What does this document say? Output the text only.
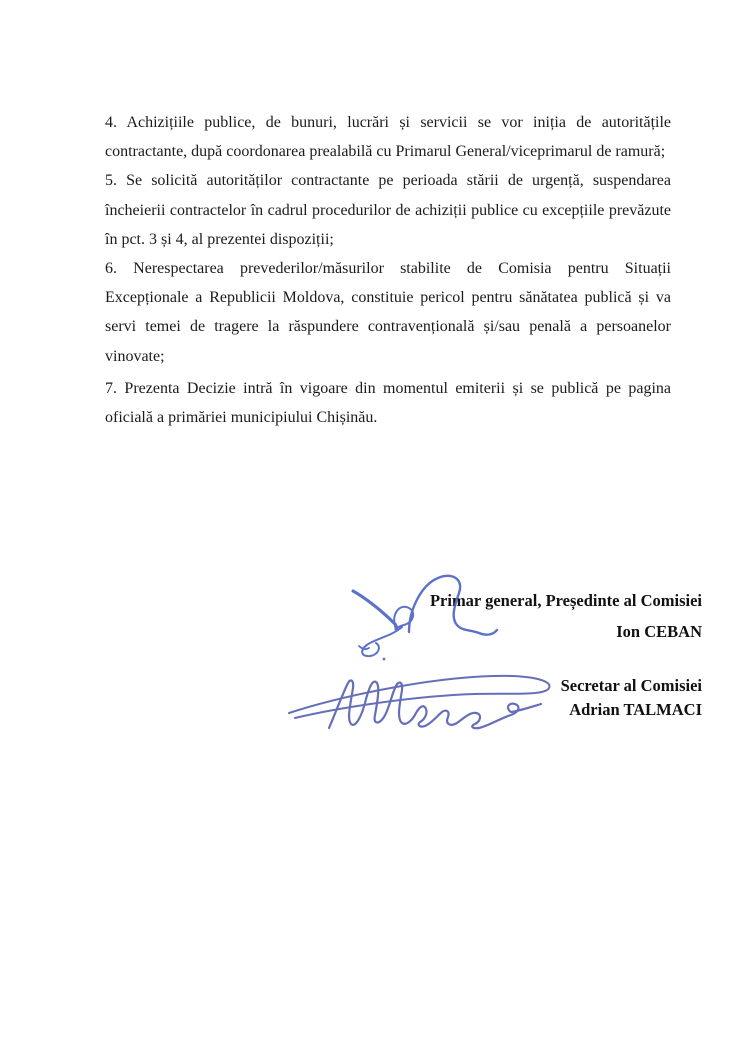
4. Achizițiile publice, de bunuri, lucrări și servicii se vor iniția de autoritățile contractante, după coordonarea prealabilă cu Primarul General/viceprimarul de ramură;

5. Se solicită autorităților contractante pe perioada stării de urgență, suspendarea încheierii contractelor în cadrul procedurilor de achiziții publice cu excepțiile prevăzute în pct. 3 și 4, al prezentei dispoziții;

6. Nerespectarea prevederilor/măsurilor stabilite de Comisia pentru Situații Excepționale a Republicii Moldova, constituie pericol pentru sănătatea publică și va servi temei de tragere la răspundere contravențională și/sau penală a persoanelor vinovate;

7. Prezenta Decizie intră în vigoare din momentul emiterii și se publică pe pagina oficială a primăriei municipiului Chișinău.

Primar general, Președinte al Comisiei
Ion CEBAN
Secretar al Comisiei
Adrian TALMACI
